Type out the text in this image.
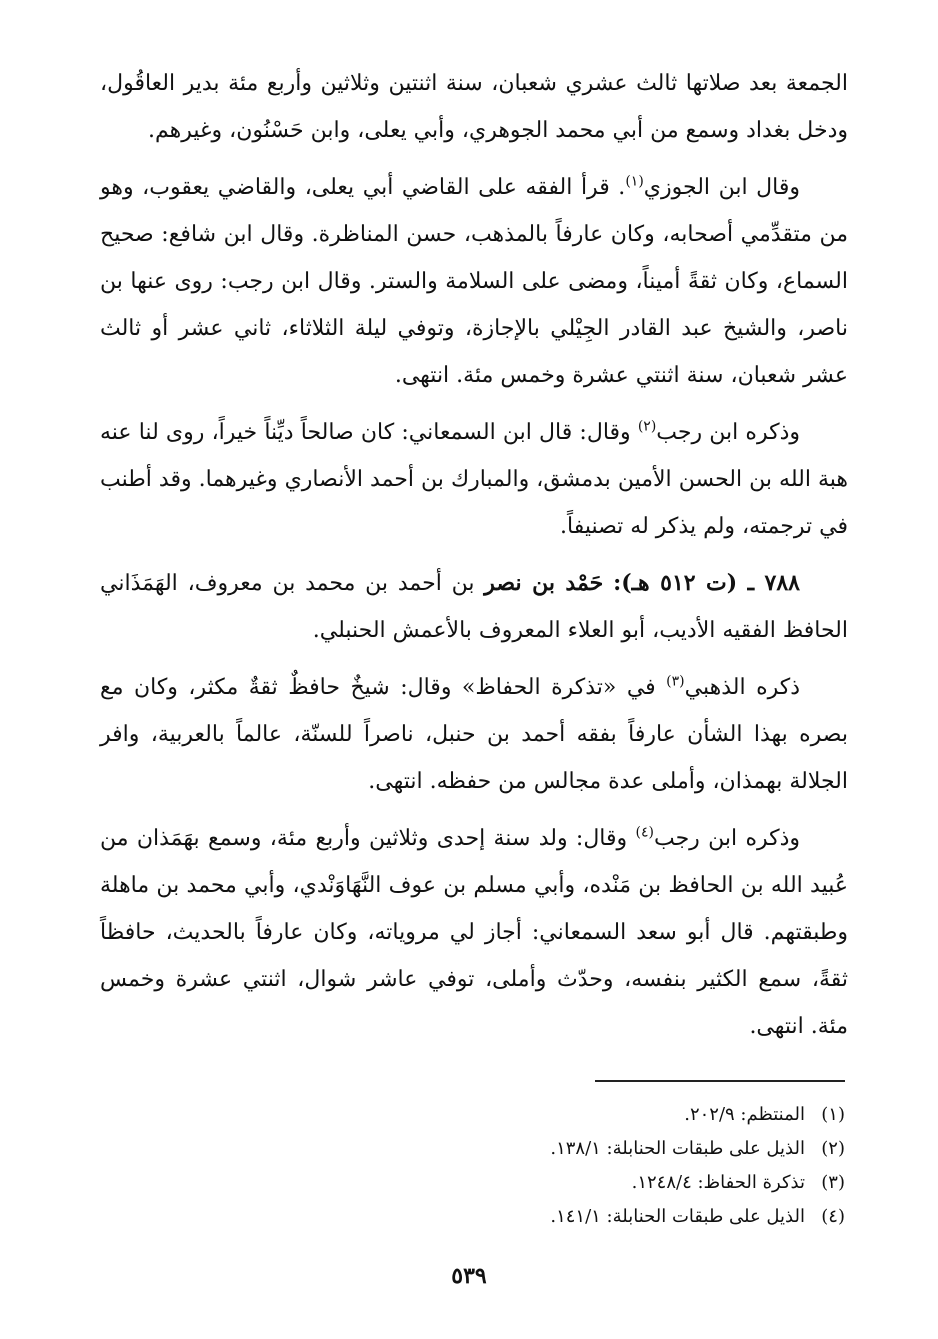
الجمعة بعد صلاتها ثالث عشري شعبان، سنة اثنتين وثلاثين وأربع مئة بدير العاقُول، ودخل بغداد وسمع من أبي محمد الجوهري، وأبي يعلى، وابن حَسْنُون، وغيرهم.

وقال ابن الجوزي$^{(١)}$. قرأ الفقه على القاضي أبي يعلى، والقاضي يعقوب، وهو من متقدِّمي أصحابه، وكان عارفاً بالمذهب، حسن المناظرة. وقال ابن شافع: صحيح السماع، وكان ثقةً أميناً، ومضى على السلامة والستر. وقال ابن رجب: روى عنها بن ناصر، والشيخ عبد القادر الجِيْلي بالإجازة، وتوفي ليلة الثلاثاء، ثاني عشر أو ثالث عشر شعبان، سنة اثنتي عشرة وخمس مئة. انتهى.

وذكره ابن رجب$^{(٢)}$ وقال: قال ابن السمعاني: كان صالحاً ديِّناً خيراً، روى لنا عنه هبة الله بن الحسن الأمين بدمشق، والمبارك بن أحمد الأنصاري وغيرهما. وقد أطنب في ترجمته، ولم يذكر له تصنيفاً.

٧٨٨ ـ (ت ٥١٢ هـ): حَمْد بن نصر بن أحمد بن محمد بن معروف، الهَمَذَاني الحافظ الفقيه الأديب، أبو العلاء المعروف بالأعمش الحنبلي.

ذكره الذهبي$^{(٣)}$ في «تذكرة الحفاظ» وقال: شيخٌ حافظٌ ثقةٌ مكثر، وكان مع بصره بهذا الشأن عارفاً بفقه أحمد بن حنبل، ناصراً للسنّة، عالماً بالعربية، وافر الجلالة بهمذان، وأملى عدة مجالس من حفظه. انتهى.

وذكره ابن رجب$^{(٤)}$ وقال: ولد سنة إحدى وثلاثين وأربع مئة، وسمع بهَمَذان من عُبيد الله بن الحافظ بن مَنْده، وأبي مسلم بن عوف النَّهَاوَنْدي، وأبي محمد بن ماهلة وطبقتهم. قال أبو سعد السمعاني: أجاز لي مروياته، وكان عارفاً بالحديث، حافظاً ثقةً، سمع الكثير بنفسه، وحدّث وأملى، توفي عاشر شوال، اثنتي عشرة وخمس مئة. انتهى.

(١)المنتظم: ٢٠٢/٩.

(٢)الذيل على طبقات الحنابلة: ١٣٨/١.

(٣)تذكرة الحفاظ: ١٢٤٨/٤.

(٤)الذيل على طبقات الحنابلة: ١٤١/١.

٥٣٩
